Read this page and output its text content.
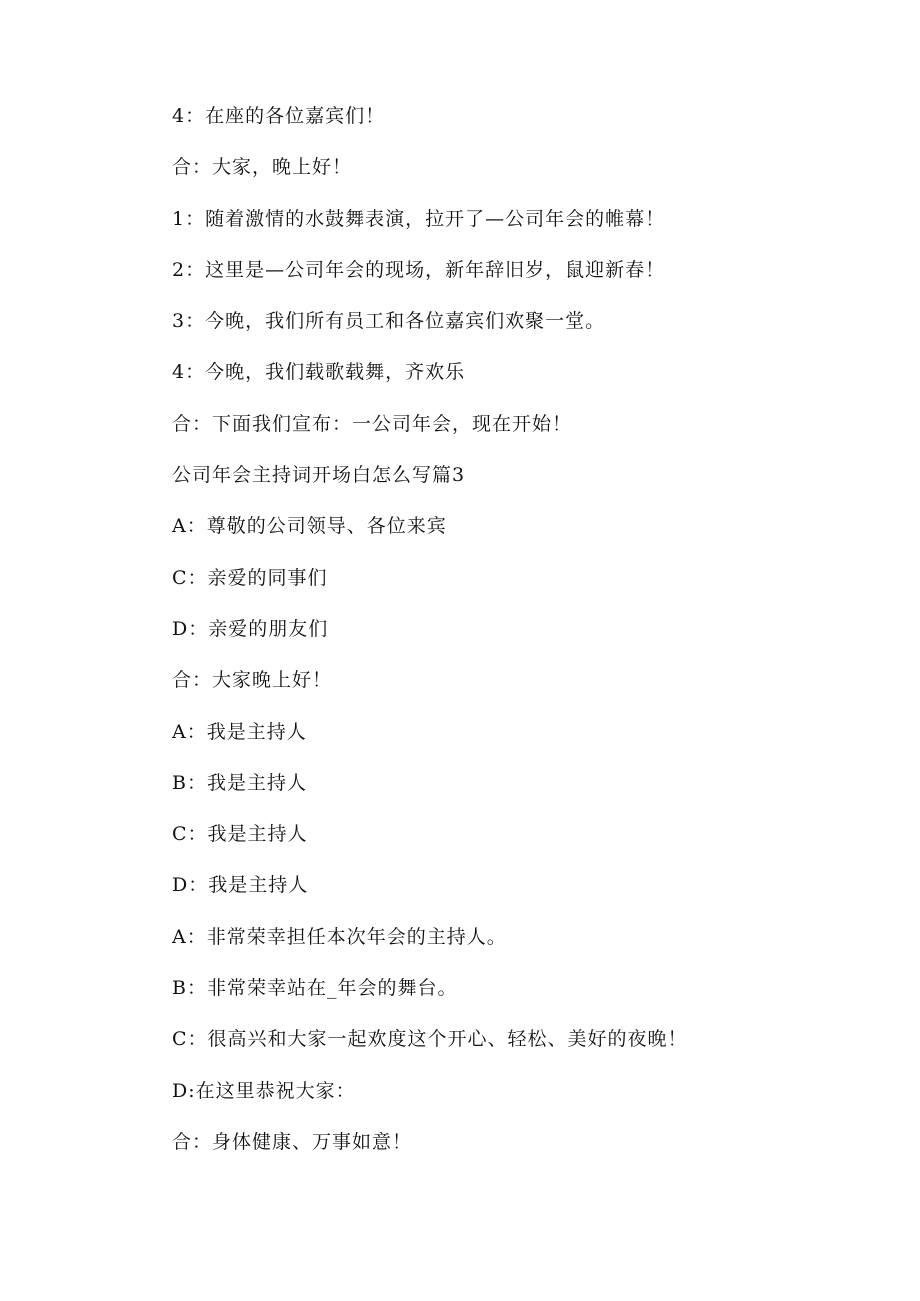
4：在座的各位嘉宾们！
合：大家，晚上好！
1：随着激情的水鼓舞表演，拉开了—公司年会的帷幕！
2：这里是—公司年会的现场，新年辞旧岁，鼠迎新春！
3：今晚，我们所有员工和各位嘉宾们欢聚一堂。
4：今晚，我们载歌载舞，齐欢乐
合：下面我们宣布：一公司年会，现在开始！
公司年会主持词开场白怎么写篇3
A：尊敬的公司领导、各位来宾
C：亲爱的同事们
D：亲爱的朋友们
合：大家晚上好！
A：我是主持人
B：我是主持人
C：我是主持人
D：我是主持人
A：非常荣幸担任本次年会的主持人。
B：非常荣幸站在_年会的舞台。
C：很高兴和大家一起欢度这个开心、轻松、美好的夜晚！
D:在这里恭祝大家：
合：身体健康、万事如意！
